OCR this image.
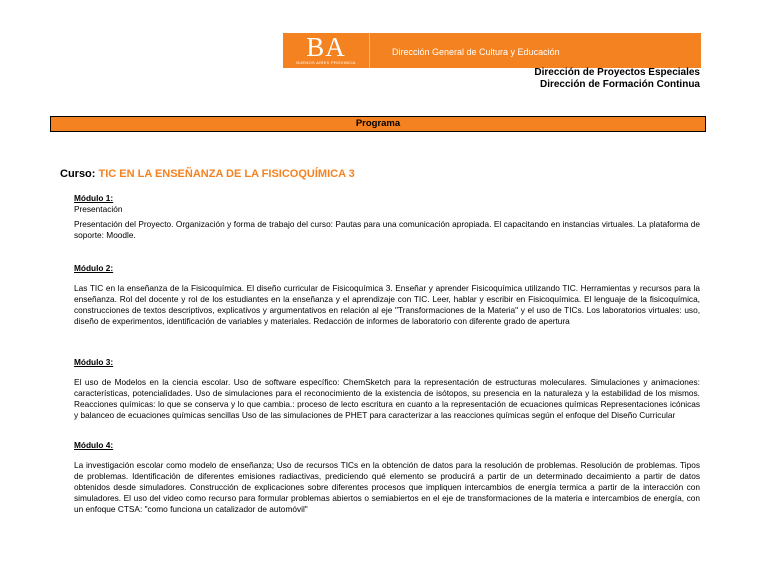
BA
BUENOS AIRES PROVINCIA
Dirección General de Cultura y Educación
Dirección de Proyectos Especiales
Dirección de Formación Continua
Programa
Curso: TIC EN LA ENSEÑANZA DE LA FISICOQUÍMICA 3
Módulo 1:
Presentación

Presentación del Proyecto. Organización y forma de trabajo del curso: Pautas para una comunicación apropiada. El capacitando en instancias virtuales. La plataforma de soporte: Moodle.

Módulo 2:

Las TIC en la enseñanza de la Fisicoquímica. El diseño curricular de Fisicoquímica 3. Enseñar y aprender Fisicoquímica utilizando TIC. Herramientas y recursos para la enseñanza. Rol del docente y rol de los estudiantes en la enseñanza y el aprendizaje con TIC. Leer, hablar y escribir en Fisicoquímica. El lenguaje de la fisicoquímica, construcciones de textos descriptivos, explicativos y argumentativos en relación al eje "Transformaciones de la Materia" y el uso de TICs. Los laboratorios virtuales: uso, diseño de experimentos, identificación de variables y materiales. Redacción de informes de laboratorio con diferente grado de apertura

Módulo 3:

El uso de Modelos en la ciencia escolar. Uso de software específico: ChemSketch para la representación de estructuras moleculares. Simulaciones y animaciones: características, potencialidades. Uso de simulaciones para el reconocimiento de la existencia de isótopos, su presencia en la naturaleza y la estabilidad de los mismos. Reacciones químicas: lo que se conserva y lo que cambia.: proceso de lecto escritura en cuanto a la representación de ecuaciones químicas Representaciones icónicas y balanceo de ecuaciones químicas sencillas Uso de las simulaciones de PHET para caracterizar a las reacciones químicas según el enfoque del Diseño Curricular

Módulo 4:

La investigación escolar como modelo de enseñanza; Uso de recursos TICs en la obtención de datos para la resolución de problemas. Resolución de problemas. Tipos de problemas. Identificación de diferentes emisiones radiactivas, prediciendo qué elemento se producirá a partir de un determinado decaimiento a partir de datos obtenidos desde simuladores. Construcción de explicaciones sobre diferentes procesos que impliquen intercambios de energía termica a partir de la interacción con simuladores. El uso del video como recurso para formular problemas abiertos o semiabiertos en el eje de transformaciones de la materia e intercambios de energía, con un enfoque CTSA: "como funciona un catalizador de automóvil"
